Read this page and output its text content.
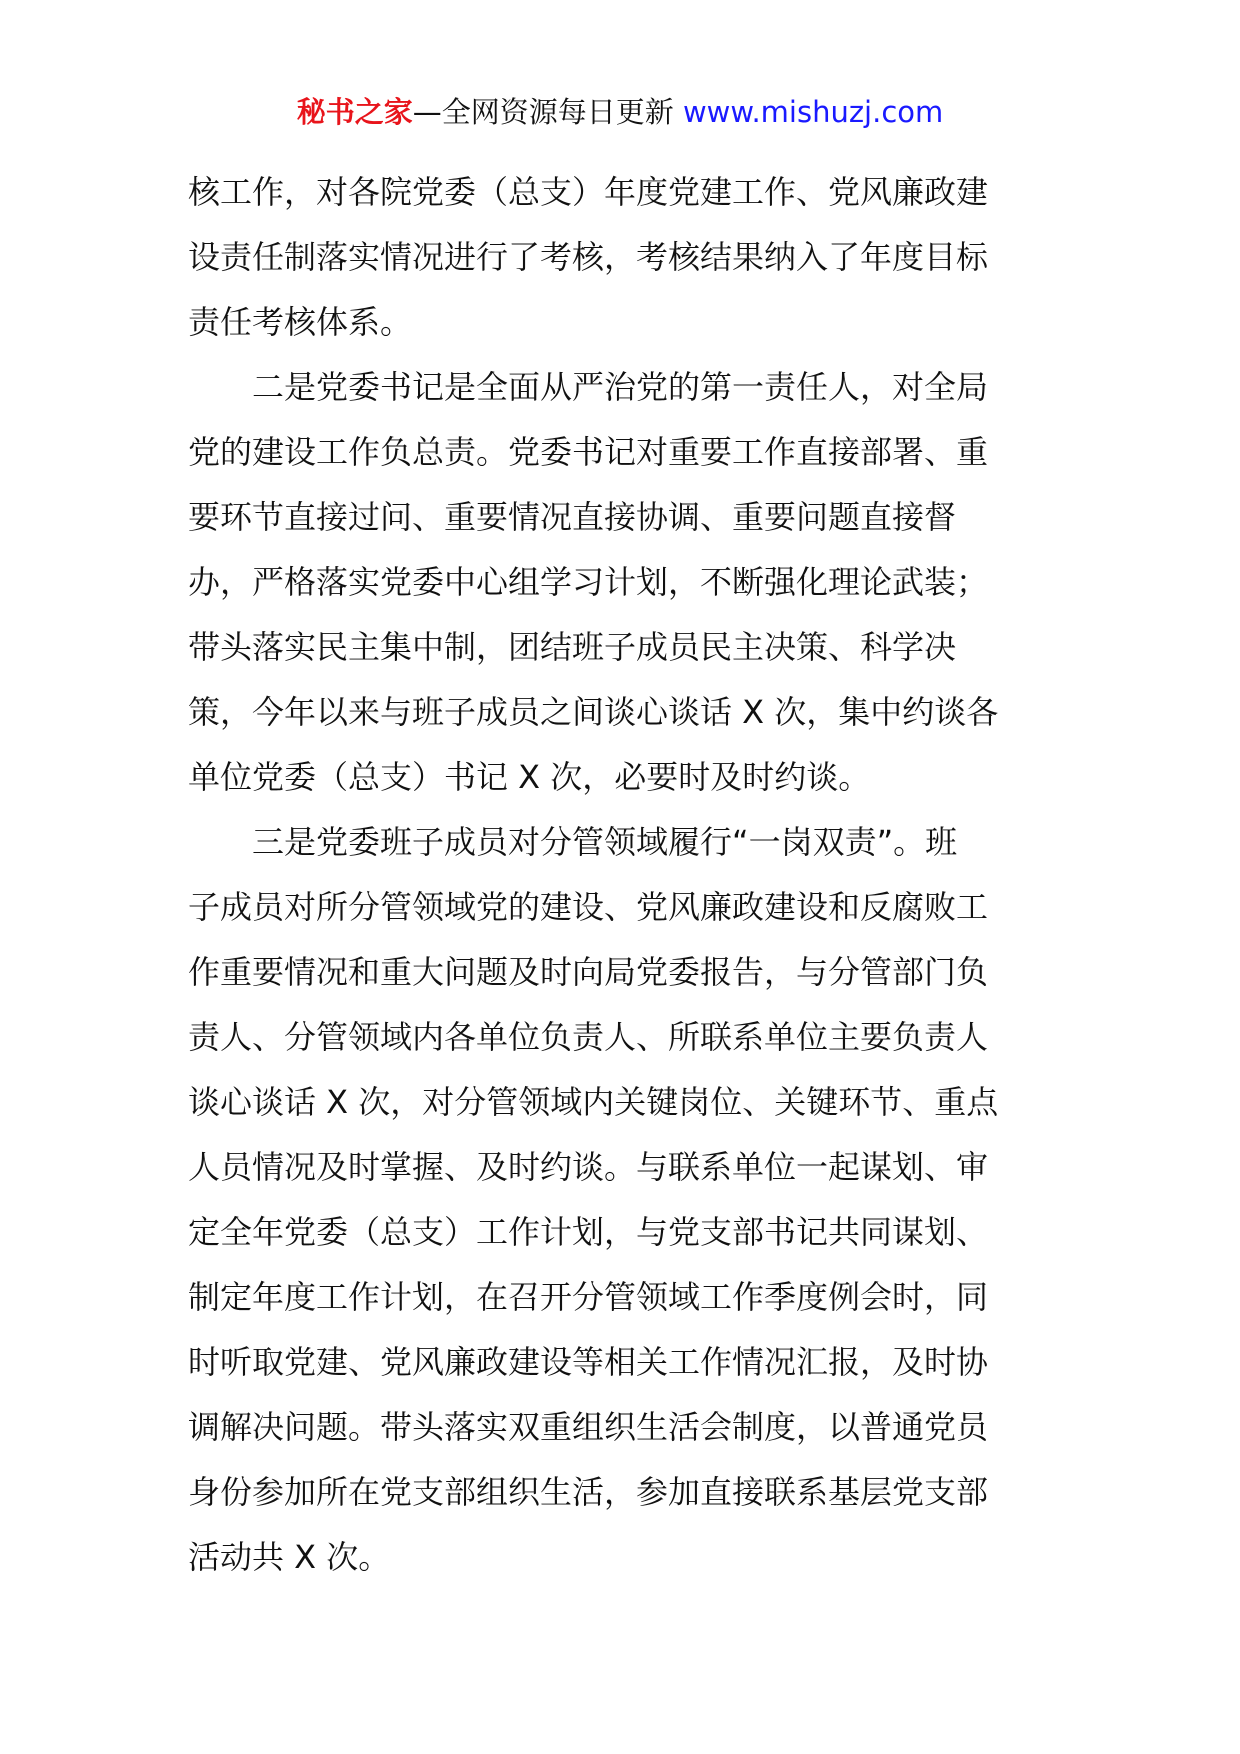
秘书之家—全网资源每日更新 www.mishuzj.com
核工作，对各院党委（总支）年度党建工作、党风廉政建
设责任制落实情况进行了考核，考核结果纳入了年度目标
责任考核体系。
　　二是党委书记是全面从严治党的第一责任人，对全局
党的建设工作负总责。党委书记对重要工作直接部署、重
要环节直接过问、重要情况直接协调、重要问题直接督
办，严格落实党委中心组学习计划，不断强化理论武装；
带头落实民主集中制，团结班子成员民主决策、科学决
策，今年以来与班子成员之间谈心谈话 X 次，集中约谈各
单位党委（总支）书记 X 次，必要时及时约谈。
　　三是党委班子成员对分管领域履行“一岗双责”。班
子成员对所分管领域党的建设、党风廉政建设和反腐败工
作重要情况和重大问题及时向局党委报告，与分管部门负
责人、分管领域内各单位负责人、所联系单位主要负责人
谈心谈话 X 次，对分管领域内关键岗位、关键环节、重点
人员情况及时掌握、及时约谈。与联系单位一起谋划、审
定全年党委（总支）工作计划，与党支部书记共同谋划、
制定年度工作计划，在召开分管领域工作季度例会时，同
时听取党建、党风廉政建设等相关工作情况汇报，及时协
调解决问题。带头落实双重组织生活会制度，以普通党员
身份参加所在党支部组织生活，参加直接联系基层党支部
活动共 X 次。
